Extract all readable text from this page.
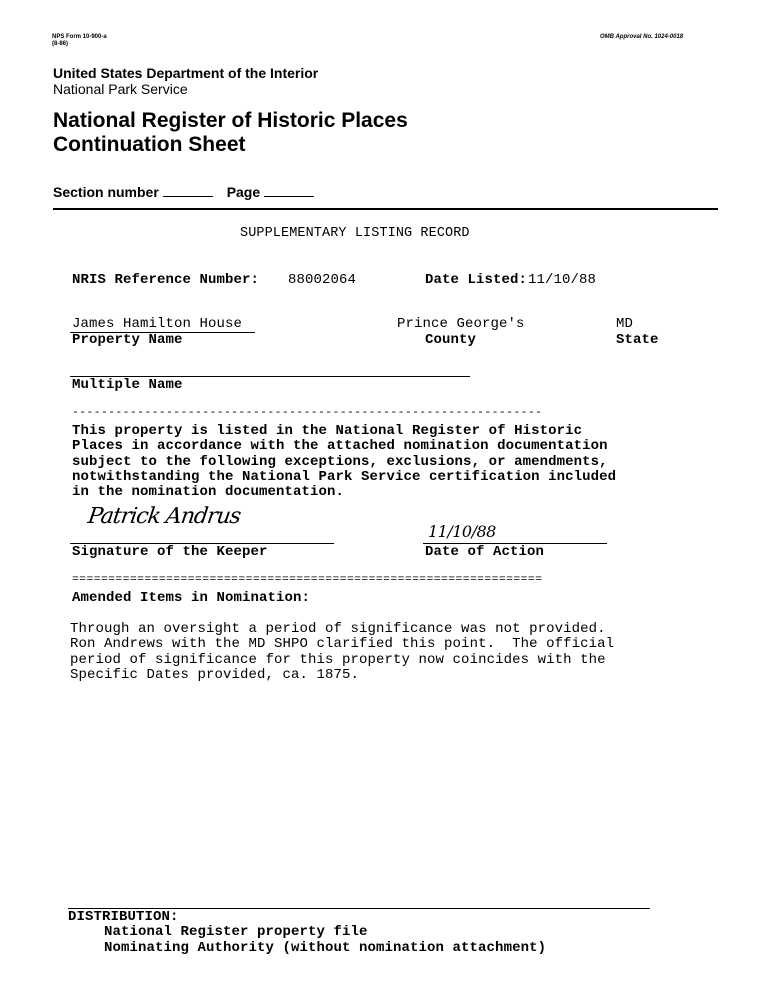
NPS Form 10-900-a
(8-86)
OMB Approval No. 1024-0018
United States Department of the Interior
National Park Service
National Register of Historic Places
Continuation Sheet
Section number	Page
SUPPLEMENTARY LISTING RECORD
NRIS Reference Number: 88002064	Date Listed: 11/10/88
James Hamilton House
Property Name
Prince George's
County
MD
State
Multiple Name
-----------------------------------------------------------------
This property is listed in the National Register of Historic
Places in accordance with the attached nomination documentation
subject to the following exceptions, exclusions, or amendments,
notwithstanding the National Park Service certification included
in the nomination documentation.
Patrick Andrus
Signature of the Keeper
11/10/88
Date of Action
=================================================================
Amended Items in Nomination:
Through an oversight a period of significance was not provided.
Ron Andrews with the MD SHPO clarified this point.  The official
period of significance for this property now coincides with the
Specific Dates provided, ca. 1875.
DISTRIBUTION:
National Register property file
Nominating Authority (without nomination attachment)
